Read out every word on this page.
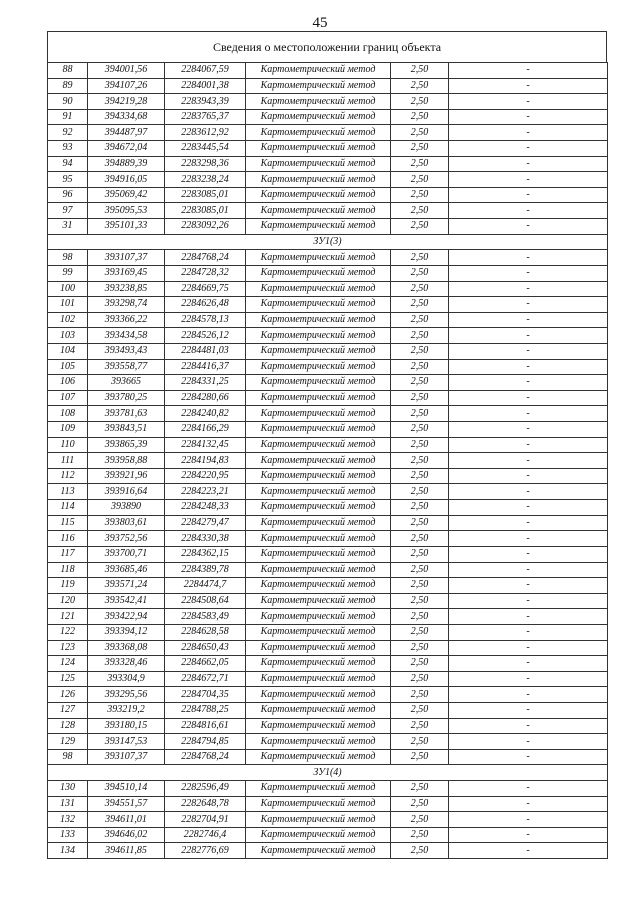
45
Сведения о местоположении границ объекта
88	394001,56	2284067,59	Картометрический метод	2,50	-
89	394107,26	2284001,38	Картометрический метод	2,50	-
90	394219,28	2283943,39	Картометрический метод	2,50	-
91	394334,68	2283765,37	Картометрический метод	2,50	-
92	394487,97	2283612,92	Картометрический метод	2,50	-
93	394672,04	2283445,54	Картометрический метод	2,50	-
94	394889,39	2283298,36	Картометрический метод	2,50	-
95	394916,05	2283238,24	Картометрический метод	2,50	-
96	395069,42	2283085,01	Картометрический метод	2,50	-
97	395095,53	2283085,01	Картометрический метод	2,50	-
31	395101,33	2283092,26	Картометрический метод	2,50	-
ЗУ1(3)					
98	393107,37	2284768,24	Картометрический метод	2,50	-
99	393169,45	2284728,32	Картометрический метод	2,50	-
100	393238,85	2284669,75	Картометрический метод	2,50	-
101	393298,74	2284626,48	Картометрический метод	2,50	-
102	393366,22	2284578,13	Картометрический метод	2,50	-
103	393434,58	2284526,12	Картометрический метод	2,50	-
104	393493,43	2284481,03	Картометрический метод	2,50	-
105	393558,77	2284416,37	Картометрический метод	2,50	-
106	393665	2284331,25	Картометрический метод	2,50	-
107	393780,25	2284280,66	Картометрический метод	2,50	-
108	393781,63	2284240,82	Картометрический метод	2,50	-
109	393843,51	2284166,29	Картометрический метод	2,50	-
110	393865,39	2284132,45	Картометрический метод	2,50	-
111	393958,88	2284194,83	Картометрический метод	2,50	-
112	393921,96	2284220,95	Картометрический метод	2,50	-
113	393916,64	2284223,21	Картометрический метод	2,50	-
114	393890	2284248,33	Картометрический метод	2,50	-
115	393803,61	2284279,47	Картометрический метод	2,50	-
116	393752,56	2284330,38	Картометрический метод	2,50	-
117	393700,71	2284362,15	Картометрический метод	2,50	-
118	393685,46	2284389,78	Картометрический метод	2,50	-
119	393571,24	2284474,7	Картометрический метод	2,50	-
120	393542,41	2284508,64	Картометрический метод	2,50	-
121	393422,94	2284583,49	Картометрический метод	2,50	-
122	393394,12	2284628,58	Картометрический метод	2,50	-
123	393368,08	2284650,43	Картометрический метод	2,50	-
124	393328,46	2284662,05	Картометрический метод	2,50	-
125	393304,9	2284672,71	Картометрический метод	2,50	-
126	393295,56	2284704,35	Картометрический метод	2,50	-
127	393219,2	2284788,25	Картометрический метод	2,50	-
128	393180,15	2284816,61	Картометрический метод	2,50	-
129	393147,53	2284794,85	Картометрический метод	2,50	-
98	393107,37	2284768,24	Картометрический метод	2,50	-
ЗУ1(4)					
130	394510,14	2282596,49	Картометрический метод	2,50	-
131	394551,57	2282648,78	Картометрический метод	2,50	-
132	394611,01	2282704,91	Картометрический метод	2,50	-
133	394646,02	2282746,4	Картометрический метод	2,50	-
134	394611,85	2282776,69	Картометрический метод	2,50	-
